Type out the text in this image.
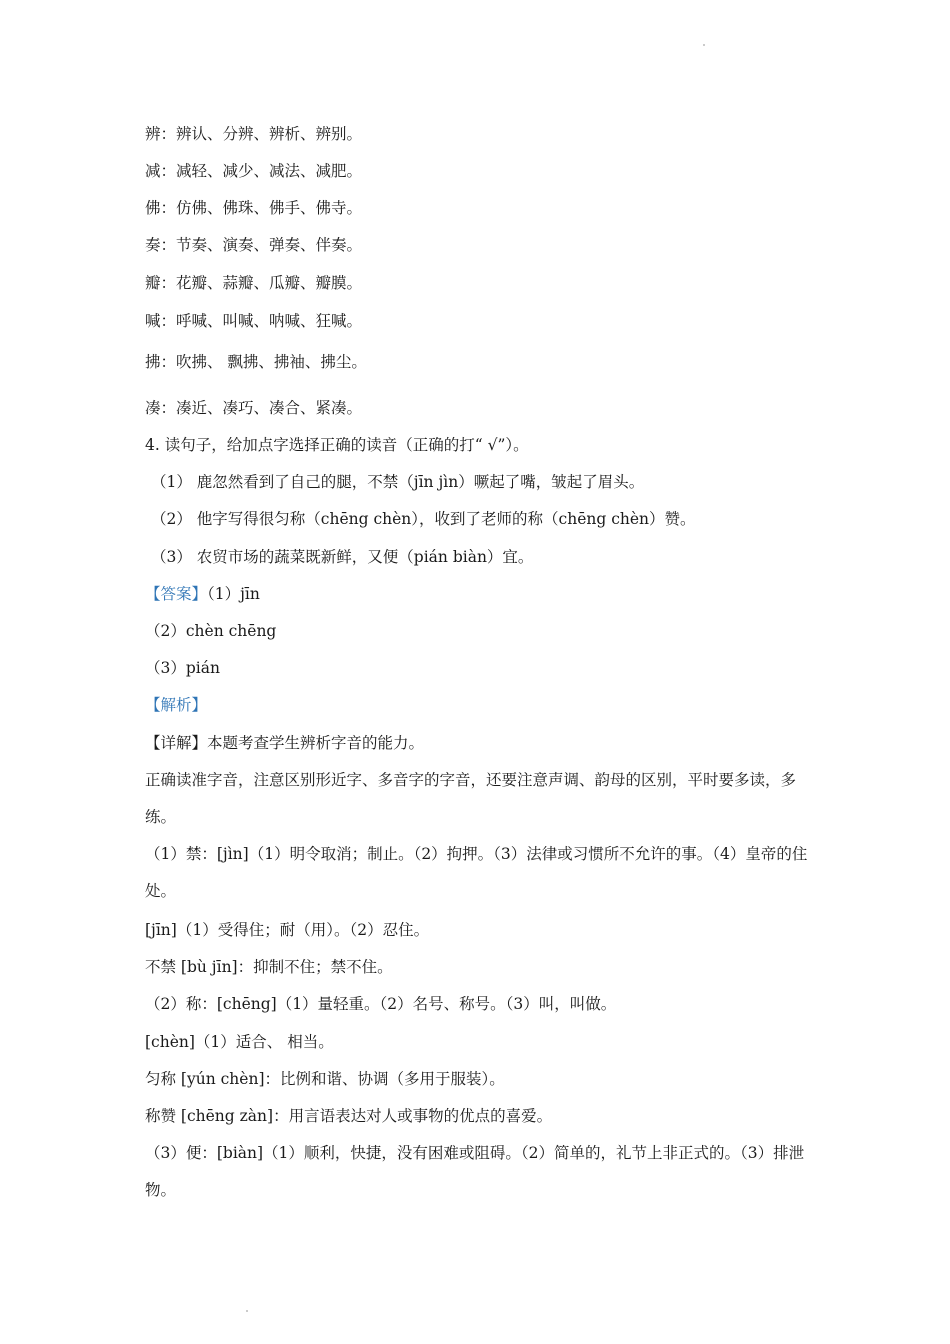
辨：辨认、分辨、辨析、辨别。
减：减轻、减少、减法、减肥。
佛：仿佛、佛珠、佛手、佛寺。
奏：节奏、演奏、弹奏、伴奏。
瓣：花瓣、蒜瓣、瓜瓣、瓣膜。
喊：呼喊、叫喊、呐喊、狂喊。
拂：吹拂、 飘拂、拂袖、拂尘。
凑：凑近、凑巧、凑合、紧凑。
4. 读句子，给加点字选择正确的读音（正确的打“ √”）。
（1） 鹿忽然看到了自己的腿，不禁（jīn jìn）噘起了嘴，皱起了眉头。
（2） 他字写得很匀称（chēng chèn），收到了老师的称（chēng chèn）赞。
（3） 农贸市场的蔬菜既新鲜，又便（pián biàn）宜。
【答案】（1）jīn
（2）chèn chēng
（3）pián
【解析】
【详解】本题考查学生辨析字音的能力。
正确读准字音，注意区别形近字、多音字的字音，还要注意声调、韵母的区别，平时要多读，多练。
（1）禁：[jìn]（1）明令取消；制止。（2）拘押。（3）法律或习惯所不允许的事。（4）皇帝的住处。
[jīn]（1）受得住；耐（用）。（2）忍住。
不禁 [bù jīn]：抑制不住；禁不住。
（2）称：[chēng]（1）量轻重。（2）名号、称号。（3）叫，叫做。
[chèn]（1）适合、 相当。
匀称 [yún chèn]：比例和谐、协调（多用于服装）。
称赞 [chēng zàn]：用言语表达对人或事物的优点的喜爱。
（3）便：[biàn]（1）顺利，快捷，没有困难或阻碍。（2）简单的，礼节上非正式的。（3）排泄物。
